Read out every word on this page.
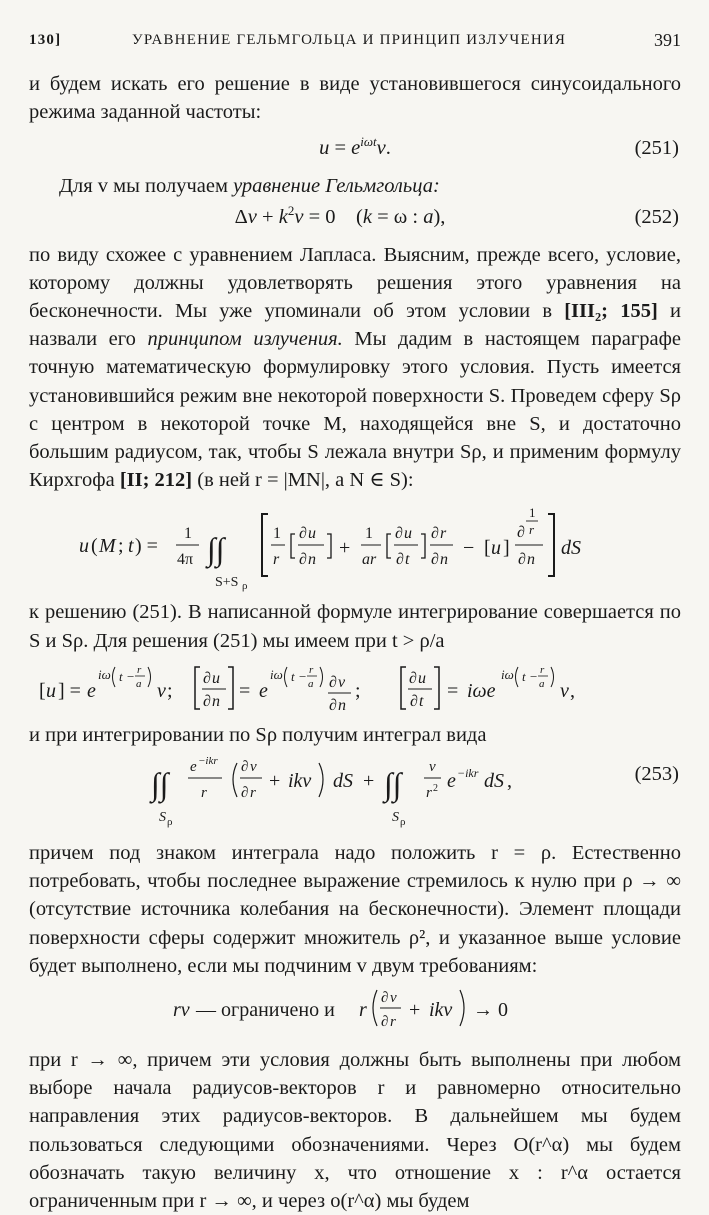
130]	УРАВНЕНИЕ ГЕЛЬМГОЛЬЦА И ПРИНЦИП ИЗЛУЧЕНИЯ	391

и будем искать его решение в виде установившегося синусоидального режима заданной частоты:

$u = e^{i\omega t}v$.	(251)

Для v мы получаем уравнение Гельмгольца:

$\Delta v + k^2v = 0$    (k = ω : a),	(252)

по виду схожее с уравнением Лапласа. Выясним, прежде всего, условие, которому должны удовлетворять решения этого уравнения на бесконечности. Мы уже упоминали об этом условии в [III₂; 155] и назвали его принципом излучения. Мы дадим в настоящем параграфе точную математическую формулировку этого условия. Пусть имеется установившийся режим вне некоторой поверхности S. Проведем сферу Sρ с центром в некоторой точке M, находящейся вне S, и достаточно большим радиусом, так, чтобы S лежала внутри Sρ, и применим формулу Кирхгофа [II; 212] (в ней r = |MN|, а N ∈ S):

u ( M ; t ) =
1
4π ∫∫
S+S ρ
1
r
∂ u
∂ n
+
1
ar
∂ u
∂ t
∂ r
∂ n
− [ u ]
∂
1
r
∂ n
dS

к решению (251). В написанной формуле интегрирование совершается по S и Sρ. Для решения (251) мы имеем при t > ρ/a

[ u ] = e
iω t − r
a v ;
∂ u
∂ n = e
iω t − r
a ∂ v
∂ n
;
∂ u
∂ t = iωe
iω t − r
a v ,

и при интегрировании по Sρ получим интеграл вида

∫∫
S ρ
e −ikr
r
∂ v
∂ r
+ ikv dS + ∫∫
S ρ
v
r 2 e −ikr dS ,	(253)

причем под знаком интеграла надо положить r = ρ. Естественно потребовать, чтобы последнее выражение стремилось к нулю при ρ → ∞ (отсутствие источника колебания на бесконечности). Элемент площади поверхности сферы содержит множитель ρ², и указанное выше условие будет выполнено, если мы подчиним v двум требованиям:

rv — ограничено и r
∂ v
∂ r
+ ikv → 0

при r → ∞, причем эти условия должны быть выполнены при любом выборе начала радиусов-векторов r и равномерно относительно направления этих радиусов-векторов. В дальнейшем мы будем пользоваться следующими обозначениями. Через O(r^α) мы будем обозначать такую величину x, что отношение x : r^α остается ограниченным при r → ∞, и через o(r^α) мы будем
